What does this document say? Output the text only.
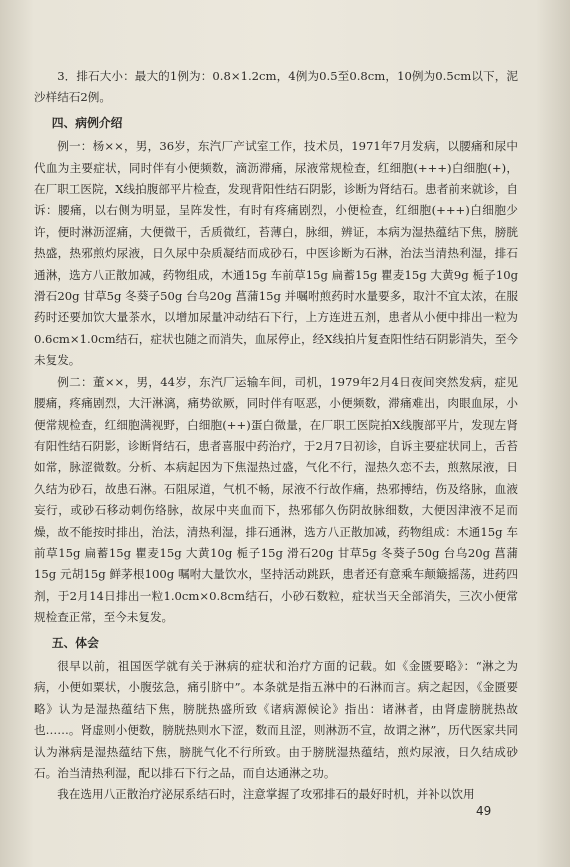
3．排石大小：最大的1例为：0.8×1.2cm，4例为0.5至0.8cm，10例为0.5cm以下，泥沙样结石2例。

四、病例介绍

例一：杨××，男，36岁，东汽厂产试室工作，技术员，1971年7月发病，以腰痛和尿中代血为主要症状，同时伴有小便频数，滴沥滞痛，尿液常规检查，红细胞(+++)白细胞(+)，在厂职工医院，X线拍腹部平片检查，发现背阳性结石阴影，诊断为肾结石。患者前来就诊，自诉：腰痛，以右侧为明显，呈阵发性，有时有疼痛剧烈，小便检查，红细胞(+++)白细胞少许，便时淋沥涩痛，大便微干，舌质微红，苔薄白，脉细，辨证，本病为湿热蕴结下焦，膀胱热盛，热邪煎灼尿液，日久尿中杂质凝结而成砂石，中医诊断为石淋，治法当清热利湿，排石通淋，选方八正散加减，药物组成，木通15g 车前草15g 扁蓄15g 瞿麦15g 大黄9g 栀子10g 滑石20g 甘草5g 冬葵子50g 台乌20g 菖蒲15g 并嘱咐煎药时水量要多，取汁不宜太浓，在服药时还要加饮大量茶水，以增加尿量冲动结石下行，上方连进五剂，患者从小便中排出一粒为0.6cm×1.0cm结石，症状也随之而消失，血尿停止，经X线拍片复查阳性结石阴影消失，至今未复发。

例二：董××，男，44岁，东汽厂运输车间，司机，1979年2月4日夜间突然发病，症见腰痛，疼痛剧烈，大汗淋漓，痛势欲厥，同时伴有呕恶，小便频数，滞痛难出，肉眼血尿，小便常规检查，红细胞满视野，白细胞(++)蛋白微量，在厂职工医院拍X线腹部平片，发现左肾有阳性结石阴影，诊断肾结石，患者喜服中药治疗，于2月7日初诊，自诉主要症状同上，舌苔如常，脉涩微数。分析、本病起因为下焦湿热过盛，气化不行，湿热久恋不去，煎熬尿液，日久结为砂石，故患石淋。石阻尿道，气机不畅，尿液不行故作痛，热邪搏结，伤及络脉，血液妄行，或砂石移动刺伤络脉，故尿中夹血而下，热邪郁久伤阴故脉细数，大便因津液不足而燥，故不能按时排出，治法，清热利湿，排石通淋，选方八正散加减，药物组成：木通15g 车前草15g 扁蓄15g 瞿麦15g 大黄10g 栀子15g 滑石20g 甘草5g 冬葵子50g 台乌20g 菖蒲15g 元胡15g 鲜茅根100g 嘱咐大量饮水，坚持活动跳跃，患者还有意乘车颠簸摇荡，进药四剂，于2月14日排出一粒1.0cm×0.8cm结石，小砂石数粒，症状当天全部消失，三次小便常规检查正常，至今未复发。

五、体会

很早以前，祖国医学就有关于淋病的症状和治疗方面的记载。如《金匮要略》：“淋之为病，小便如粟状，小腹弦急，痛引脐中”。本条就是指五淋中的石淋而言。病之起因，《金匮要略》认为是湿热蕴结下焦，膀胱热盛所致《诸病源候论》指出：诸淋者，由肾虚膀胱热故也……。肾虚则小便数，膀胱热则水下涩，数而且涩，则淋沥不宣，故谓之淋”，历代医家共同认为淋病是湿热蕴结下焦，膀胱气化不行所致。由于膀胱湿热蕴结，煎灼尿液，日久结成砂石。治当清热利湿，配以排石下行之品，而自达通淋之功。

我在选用八正散治疗泌尿系结石时，注意掌握了攻邪排石的最好时机，并补以饮用

49
